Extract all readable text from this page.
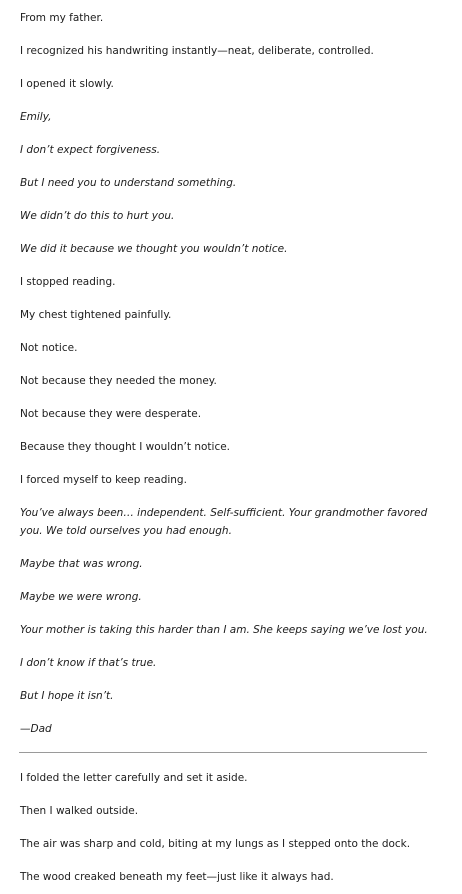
From my father.

I recognized his handwriting instantly—neat, deliberate, controlled.

I opened it slowly.

Emily,

I don’t expect forgiveness.

But I need you to understand something.

We didn’t do this to hurt you.

We did it because we thought you wouldn’t notice.

I stopped reading.

My chest tightened painfully.

Not notice.

Not because they needed the money.

Not because they were desperate.

Because they thought I wouldn’t notice.

I forced myself to keep reading.

You’ve always been… independent. Self-sufficient. Your grandmother favored you. We told ourselves you had enough.

Maybe that was wrong.

Maybe we were wrong.

Your mother is taking this harder than I am. She keeps saying we’ve lost you.

I don’t know if that’s true.

But I hope it isn’t.

—Dad

I folded the letter carefully and set it aside.

Then I walked outside.

The air was sharp and cold, biting at my lungs as I stepped onto the dock.

The wood creaked beneath my feet—just like it always had.
